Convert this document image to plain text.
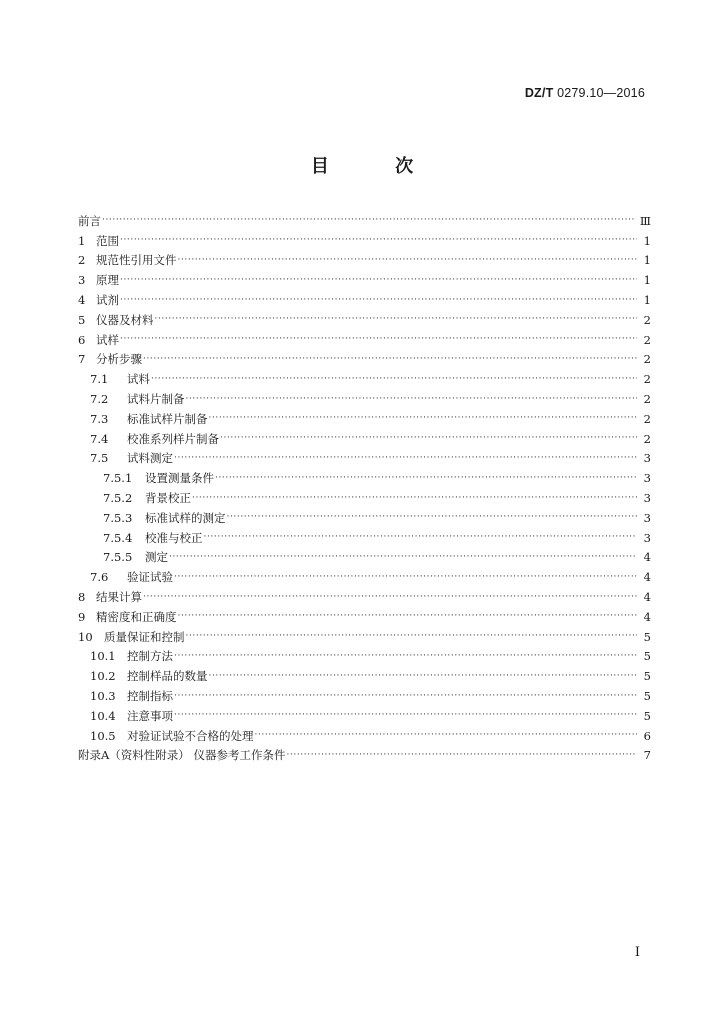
DZ/T 0279.10—2016
目 次
前言 ·····	Ⅲ
1 范围 ·····	1
2 规范性引用文件 ·····	1
3 原理 ·····	1
4 试剂 ·····	1
5 仪器及材料 ·····	2
6 试样 ·····	2
7 分析步骤 ·····	2
7.1	试料 ·····	2
7.2	试料片制备 ·····	2
7.3	标准试样片制备 ·····	2
7.4	校准系列样片制备 ·····	2
7.5	试料测定 ·····	3
7.5.1	设置测量条件 ·····	3
7.5.2	背景校正 ·····	3
7.5.3	标准试样的测定 ·····	3
7.5.4	校准与校正 ·····	3
7.5.5	测定 ·····	4
7.6	验证试验 ·····	4
8 结果计算 ·····	4
9 精密度和正确度 ·····	4
10 质量保证和控制 ·····	5
10.1 控制方法 ·····	5
10.2 控制样品的数量 ·····	5
10.3 控制指标 ·····	5
10.4 注意事项 ·····	5
10.5 对验证试验不合格的处理 ·····	6
附录A（资料性附录） 仪器参考工作条件 ·····	7
I
